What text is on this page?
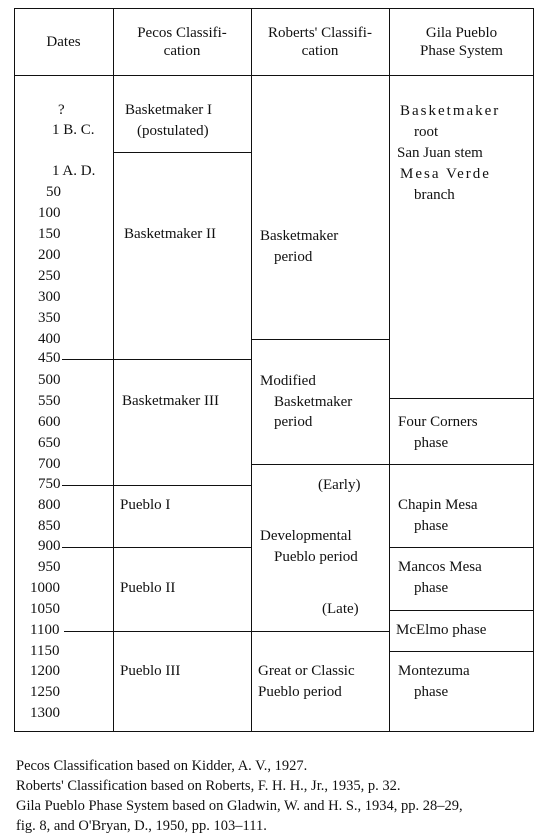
Dates
Pecos Classifi-
cation
Roberts' Classifi-
cation
Gila Pueblo
Phase System
?
1 B. C.
1 A. D.
50
100
150
200
250
300
350
400
450
500
550
600
650
700
750
800
850
900
950
1000
1050
1100
1150
1200
1250
1300
Basketmaker I
(postulated)
Basketmaker II
Basketmaker III
Pueblo I
Pueblo II
Pueblo III
Basketmaker
period
Modified
Basketmaker
period
(Early)
Developmental
Pueblo period
(Late)
Great or Classic
Pueblo period
Basketmaker
root
San Juan stem
Mesa Verde
branch
Four Corners
phase
Chapin Mesa
phase
Mancos Mesa
phase
McElmo phase
Montezuma
phase
Pecos Classification based on Kidder, A. V., 1927.
Roberts' Classification based on Roberts, F. H. H., Jr., 1935, p. 32.
Gila Pueblo Phase System based on Gladwin, W. and H. S., 1934, pp. 28–29,
fig. 8, and O'Bryan, D., 1950, pp. 103–111.
